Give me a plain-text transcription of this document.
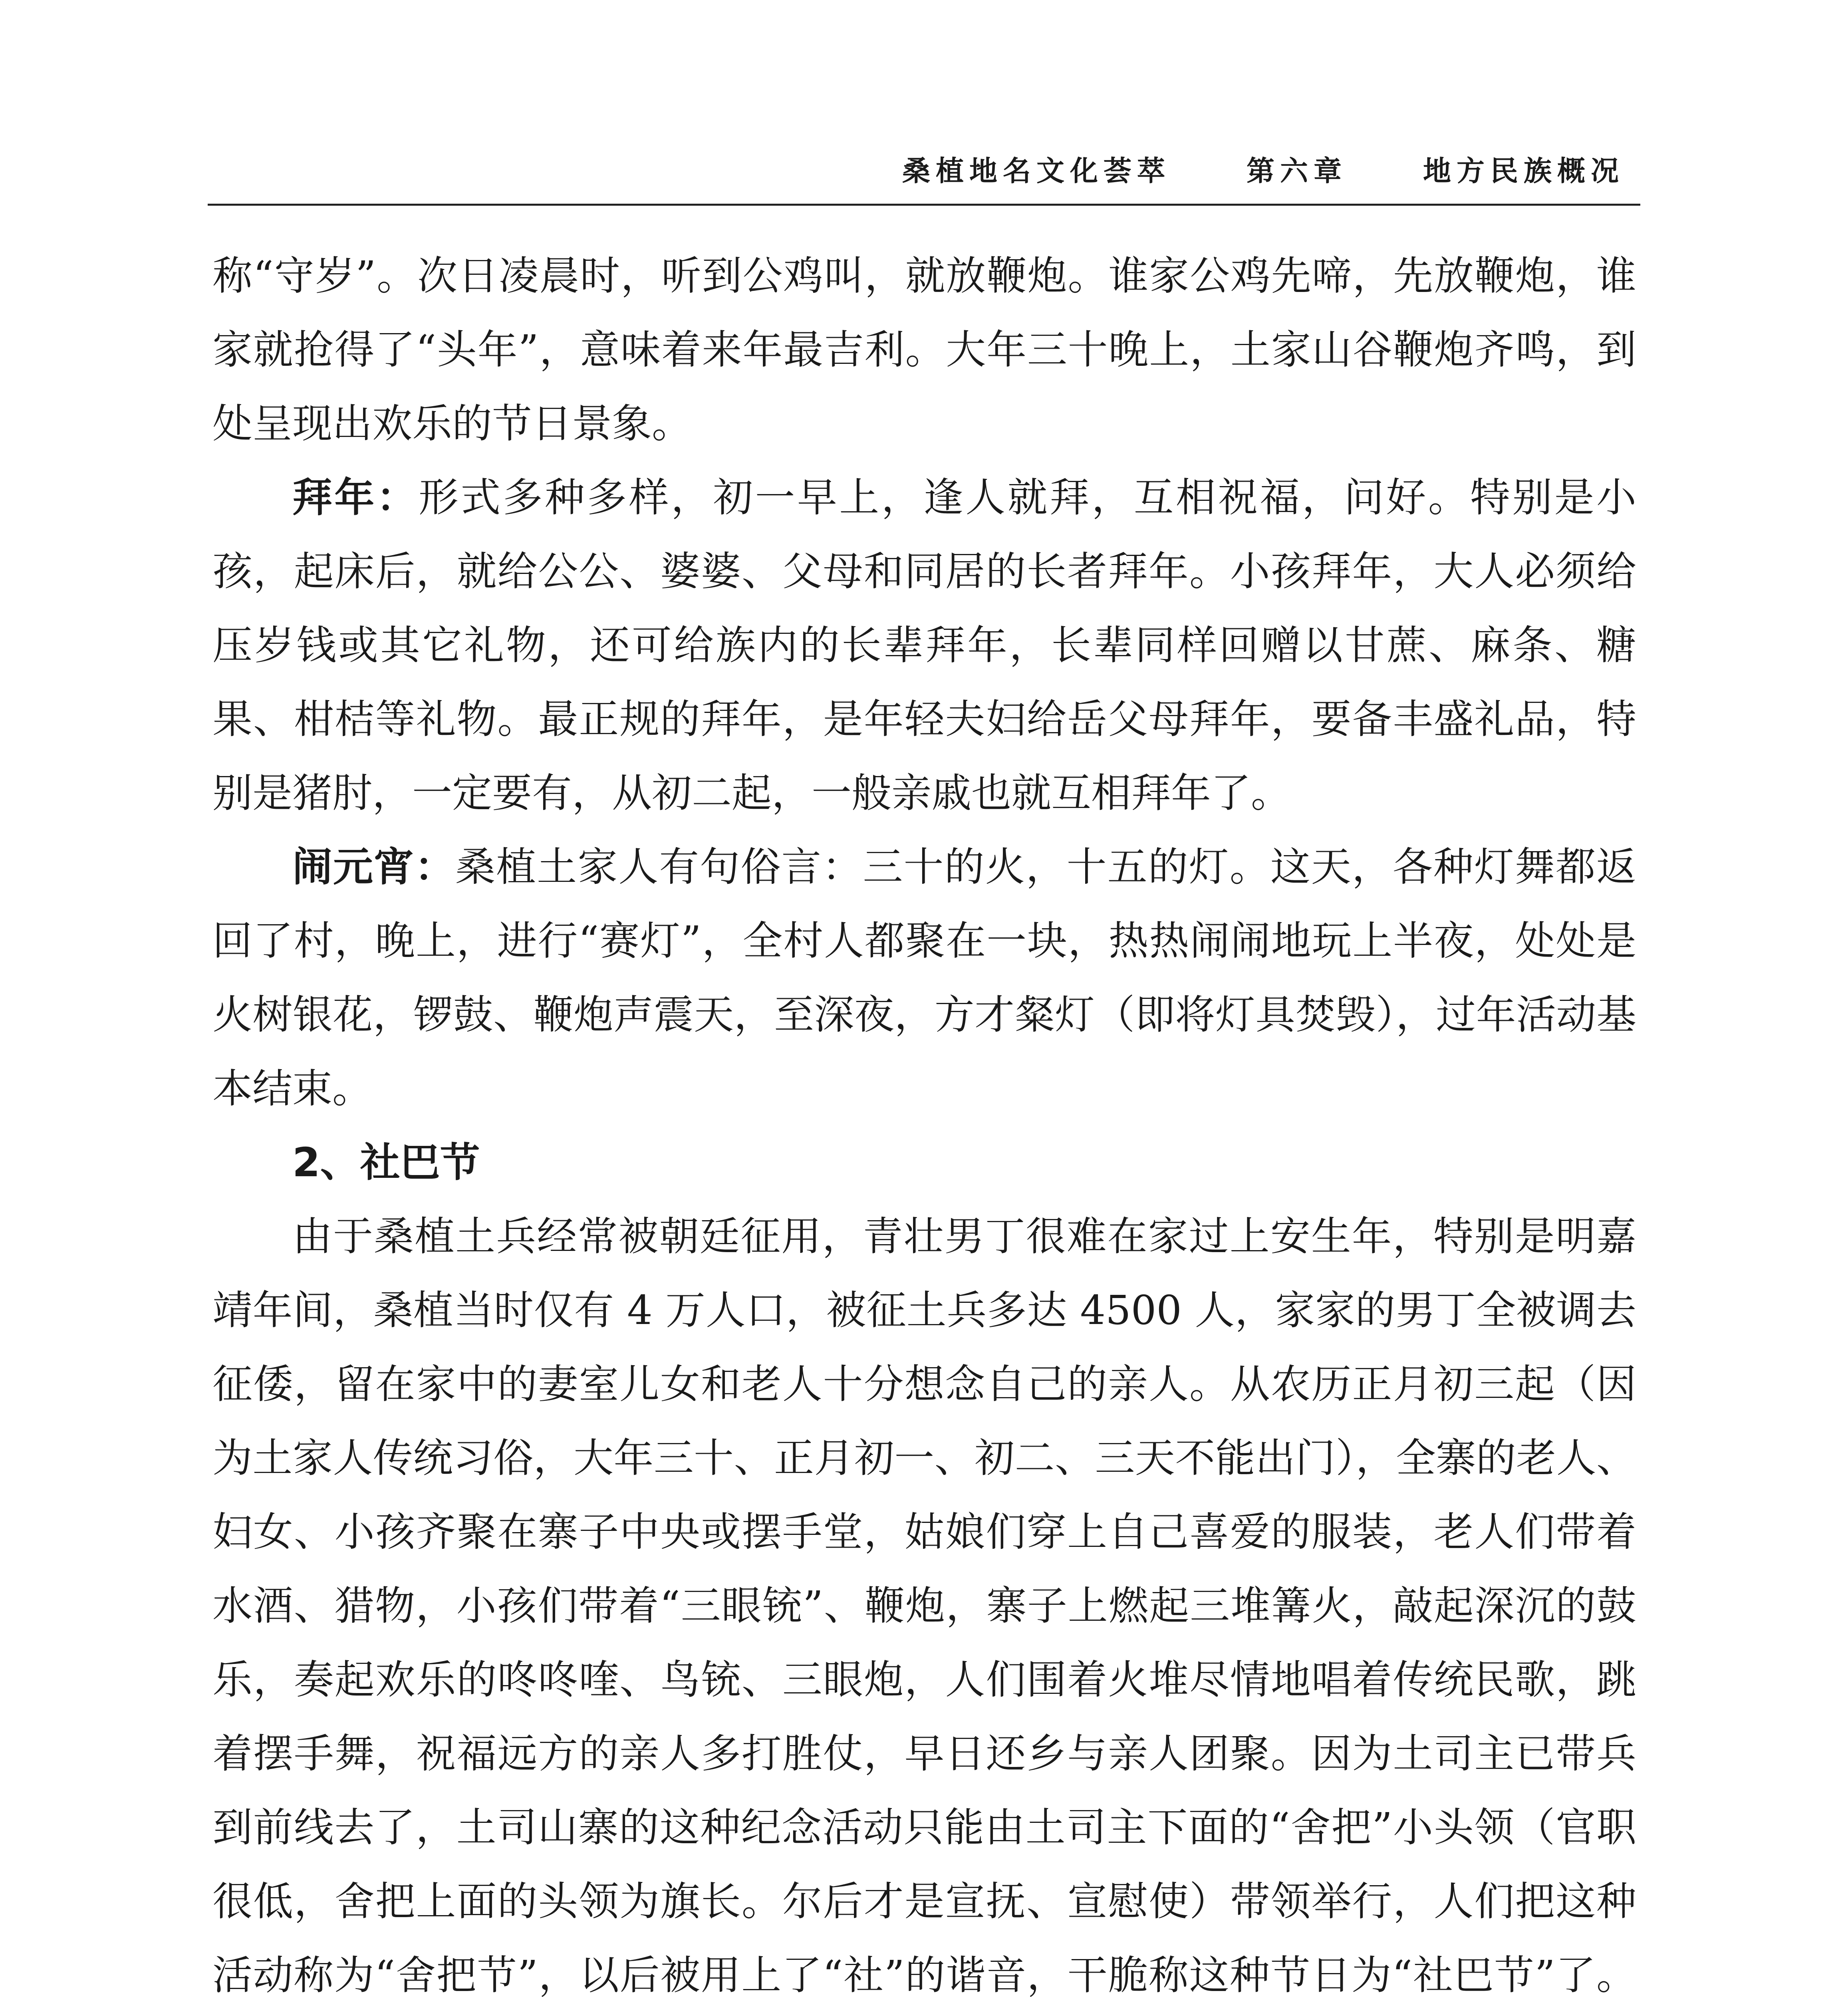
桑植地名文化荟萃	第六章	地方民族概况

称“守岁”。次日凌晨时，听到公鸡叫，就放鞭炮。谁家公鸡先啼，先放鞭炮，谁家就抢得了“头年”，意味着来年最吉利。大年三十晚上，土家山谷鞭炮齐鸣，到处呈现出欢乐的节日景象。

拜年：形式多种多样，初一早上，逢人就拜，互相祝福，问好。特别是小孩，起床后，就给公公、婆婆、父母和同居的长者拜年。小孩拜年，大人必须给压岁钱或其它礼物，还可给族内的长辈拜年，长辈同样回赠以甘蔗、麻条、糖果、柑桔等礼物。最正规的拜年，是年轻夫妇给岳父母拜年，要备丰盛礼品，特别是猪肘，一定要有，从初二起，一般亲戚也就互相拜年了。

闹元宵：桑植土家人有句俗言：三十的火，十五的灯。这天，各种灯舞都返回了村，晚上，进行“赛灯”，全村人都聚在一块，热热闹闹地玩上半夜，处处是火树银花，锣鼓、鞭炮声震天，至深夜，方才粲灯（即将灯具焚毁），过年活动基本结束。

2、社巴节

由于桑植土兵经常被朝廷征用，青壮男丁很难在家过上安生年，特别是明嘉靖年间，桑植当时仅有 4 万人口，被征土兵多达 4500 人，家家的男丁全被调去征倭，留在家中的妻室儿女和老人十分想念自己的亲人。从农历正月初三起（因为土家人传统习俗，大年三十、正月初一、初二、三天不能出门），全寨的老人、妇女、小孩齐聚在寨子中央或摆手堂，姑娘们穿上自己喜爱的服装，老人们带着水酒、猎物，小孩们带着“三眼铳”、鞭炮，寨子上燃起三堆篝火，敲起深沉的鼓乐，奏起欢乐的咚咚喹、鸟铳、三眼炮，人们围着火堆尽情地唱着传统民歌，跳着摆手舞，祝福远方的亲人多打胜仗，早日还乡与亲人团聚。因为土司主已带兵到前线去了，土司山寨的这种纪念活动只能由土司主下面的“舍把”小头领（官职很低，舍把上面的头领为旗长。尔后才是宣抚、宣慰使）带领举行，人们把这种活动称为“舍把节”，以后被用上了“社”的谐音，干脆称这种节日为“社巴节”了。
